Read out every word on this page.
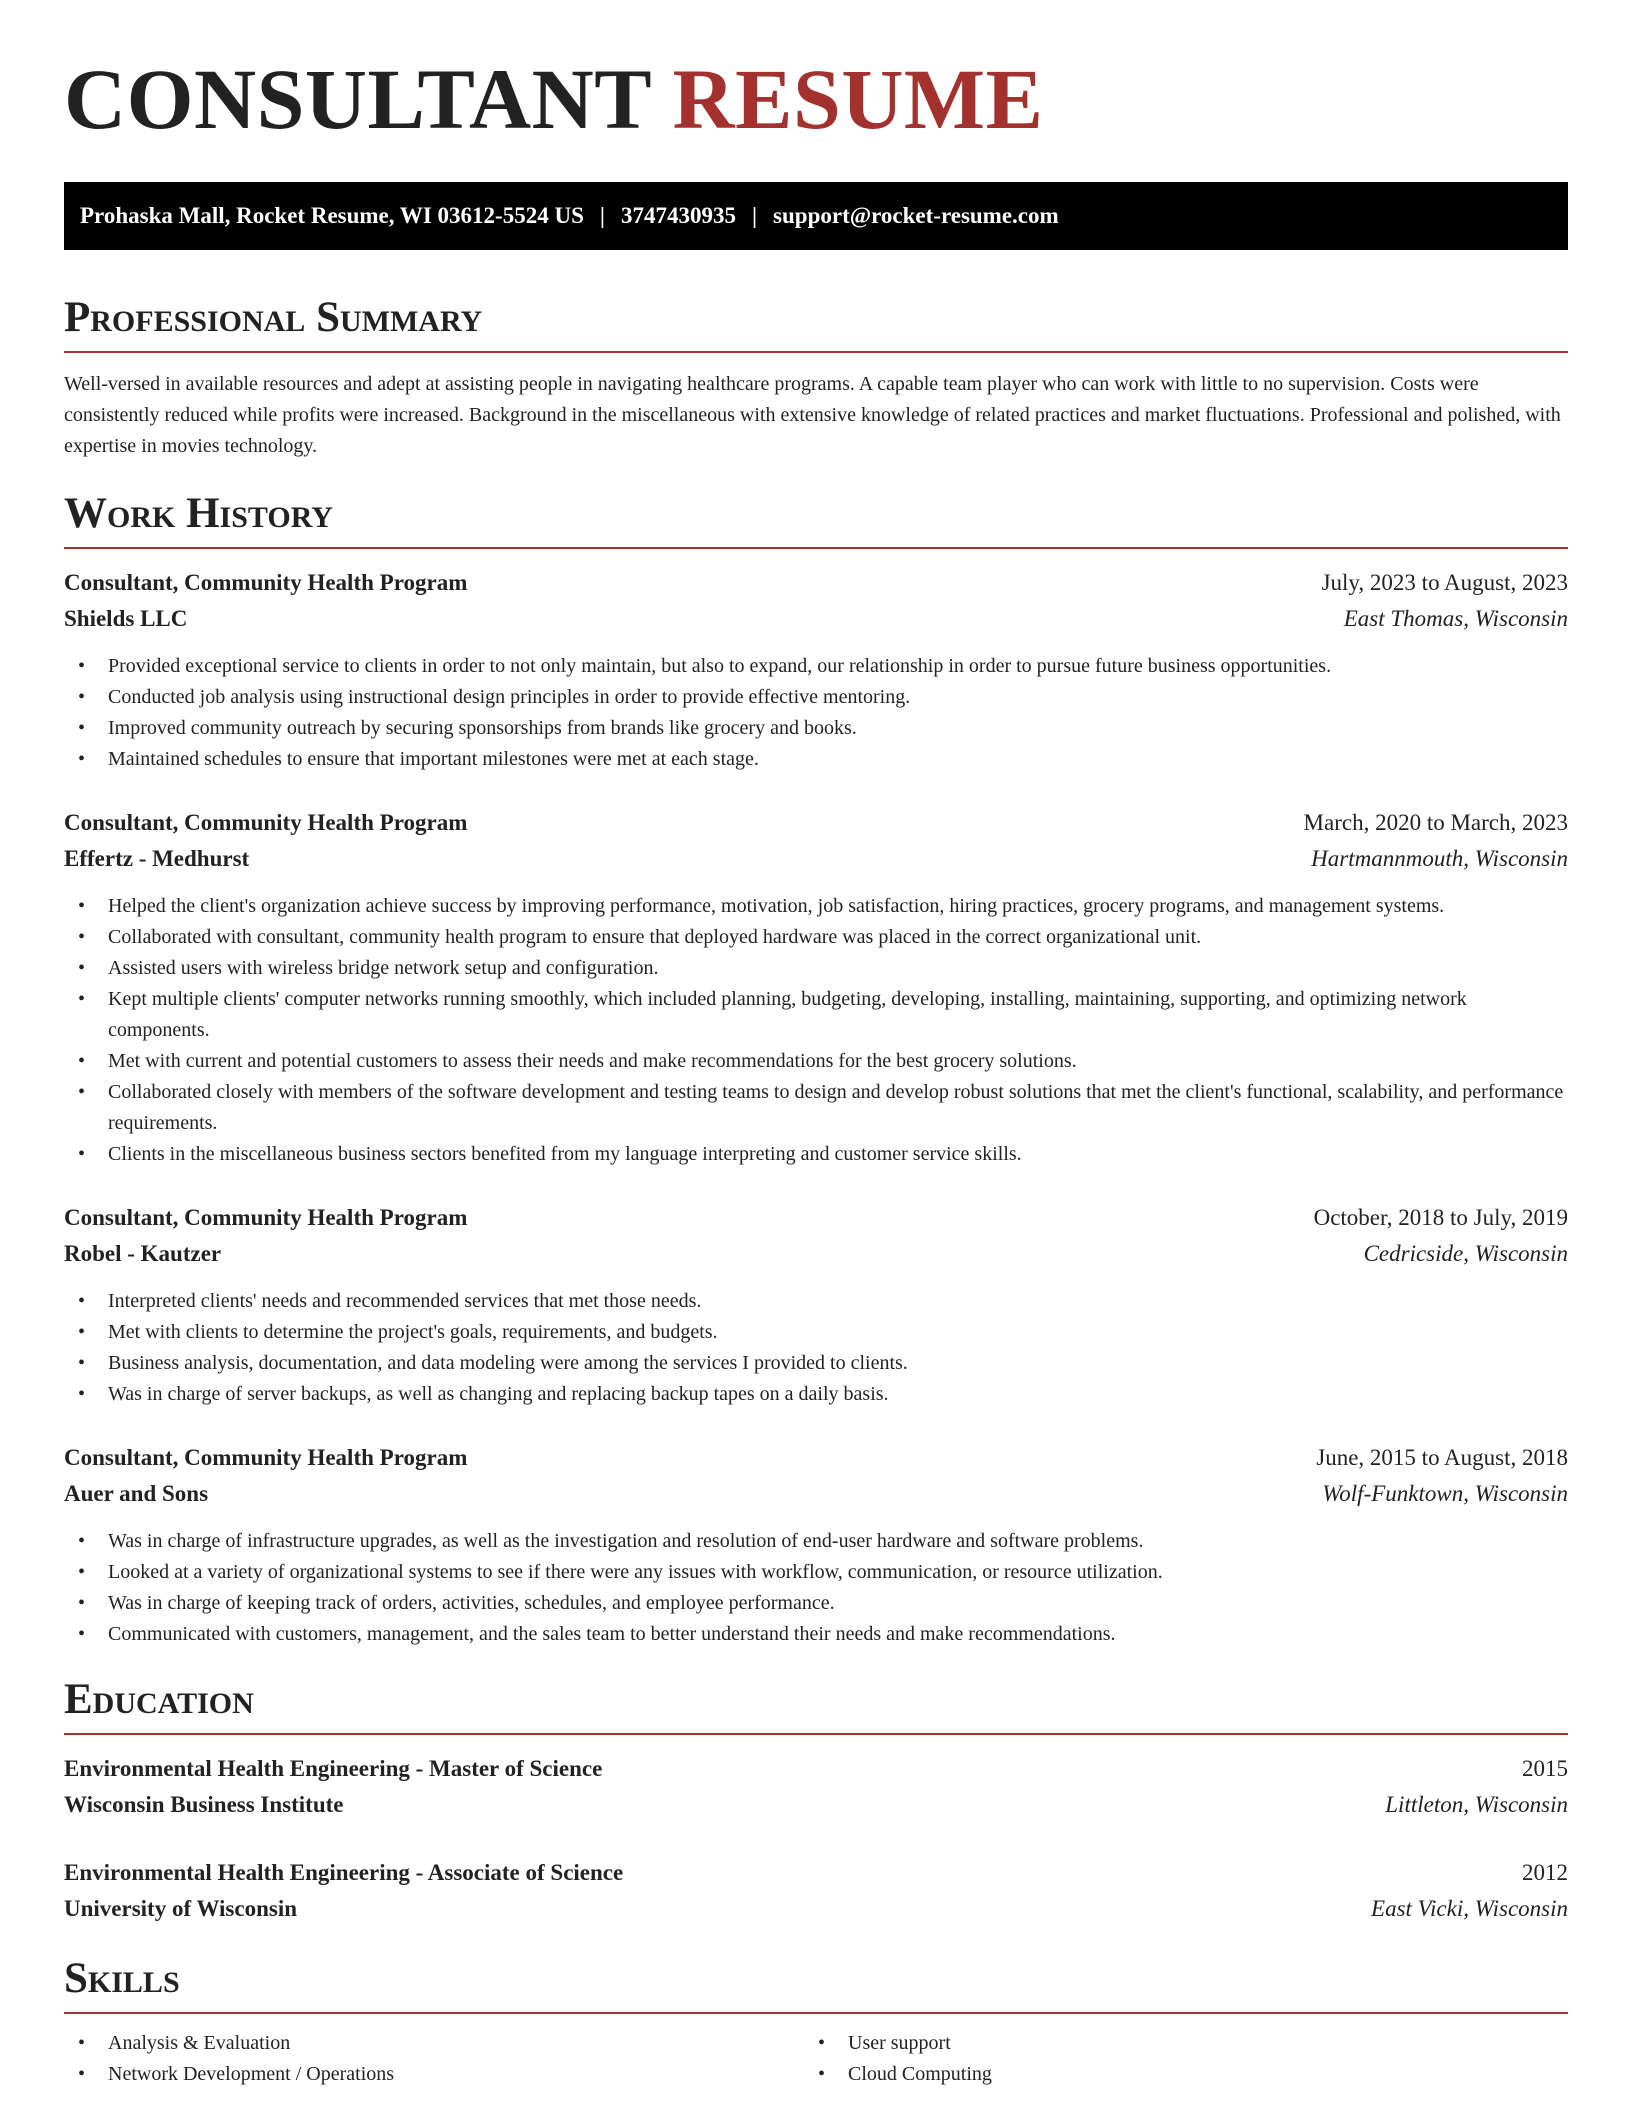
CONSULTANT RESUME
Prohaska Mall, Rocket Resume, WI 03612-5524 US | 3747430935 | support@rocket-resume.com
Professional Summary

Well-versed in available resources and adept at assisting people in navigating healthcare programs. A capable team player who can work with little to no supervision. Costs were consistently reduced while profits were increased. Background in the miscellaneous with extensive knowledge of related practices and market fluctuations. Professional and polished, with expertise in movies technology.

Work History
Consultant, Community Health Program	July, 2023 to August, 2023
Shields LLC	East Thomas, Wisconsin
• Provided exceptional service to clients in order to not only maintain, but also to expand, our relationship in order to pursue future business opportunities.
• Conducted job analysis using instructional design principles in order to provide effective mentoring.
• Improved community outreach by securing sponsorships from brands like grocery and books.
• Maintained schedules to ensure that important milestones were met at each stage.
Consultant, Community Health Program	March, 2020 to March, 2023
Effertz - Medhurst	Hartmannmouth, Wisconsin
• Helped the client's organization achieve success by improving performance, motivation, job satisfaction, hiring practices, grocery programs, and management systems.
• Collaborated with consultant, community health program to ensure that deployed hardware was placed in the correct organizational unit.
• Assisted users with wireless bridge network setup and configuration.
• Kept multiple clients' computer networks running smoothly, which included planning, budgeting, developing, installing, maintaining, supporting, and optimizing network components.
• Met with current and potential customers to assess their needs and make recommendations for the best grocery solutions.
• Collaborated closely with members of the software development and testing teams to design and develop robust solutions that met the client's functional, scalability, and performance requirements.
• Clients in the miscellaneous business sectors benefited from my language interpreting and customer service skills.
Consultant, Community Health Program	October, 2018 to July, 2019
Robel - Kautzer	Cedricside, Wisconsin
• Interpreted clients' needs and recommended services that met those needs.
• Met with clients to determine the project's goals, requirements, and budgets.
• Business analysis, documentation, and data modeling were among the services I provided to clients.
• Was in charge of server backups, as well as changing and replacing backup tapes on a daily basis.
Consultant, Community Health Program	June, 2015 to August, 2018
Auer and Sons	Wolf-Funktown, Wisconsin
• Was in charge of infrastructure upgrades, as well as the investigation and resolution of end-user hardware and software problems.
• Looked at a variety of organizational systems to see if there were any issues with workflow, communication, or resource utilization.
• Was in charge of keeping track of orders, activities, schedules, and employee performance.
• Communicated with customers, management, and the sales team to better understand their needs and make recommendations.
Education
Environmental Health Engineering - Master of Science	2015
Wisconsin Business Institute	Littleton, Wisconsin
Environmental Health Engineering - Associate of Science	2012
University of Wisconsin	East Vicki, Wisconsin
Skills
• Analysis & Evaluation
• Network Development / Operations
• User support
• Cloud Computing
